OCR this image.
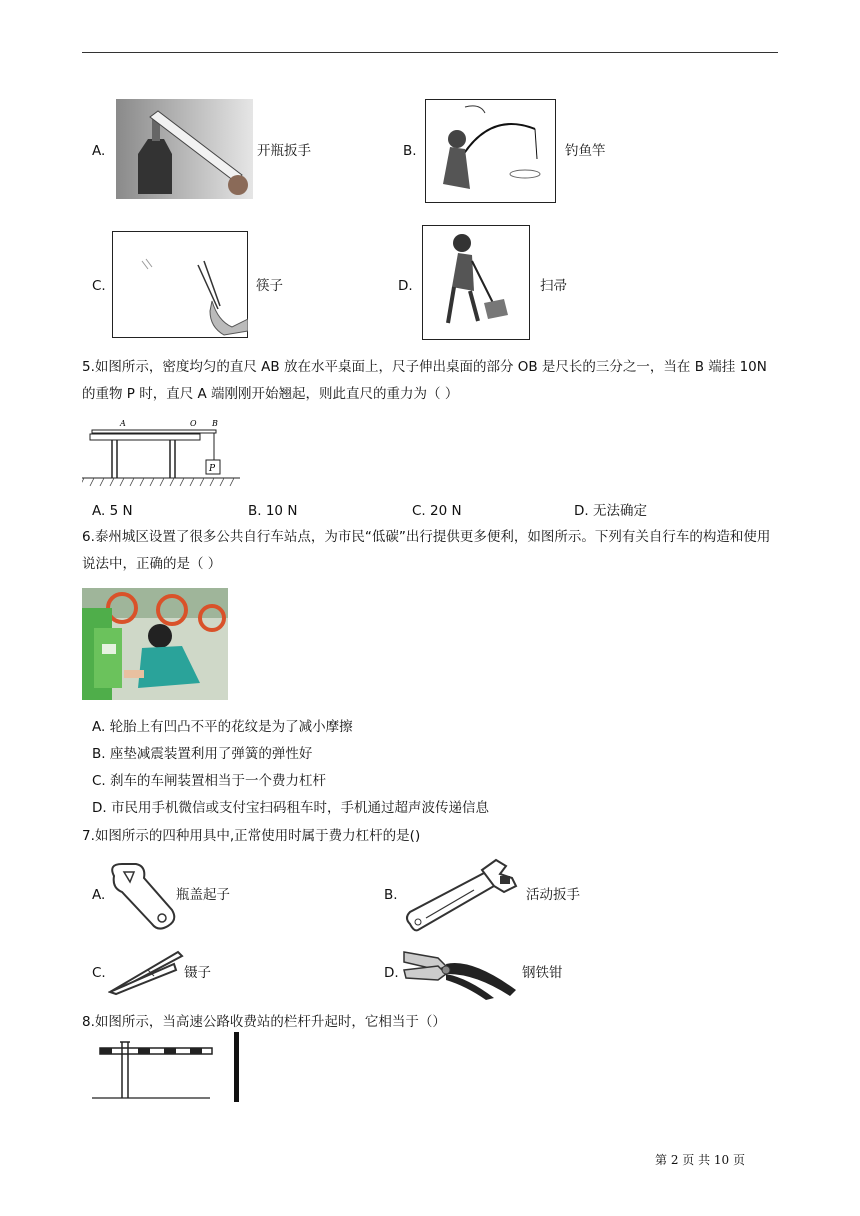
A.	开瓶扳手	B.	钓鱼竿
C.	筷子	D.	扫帚
5.如图所示，密度均匀的直尺 AB 放在水平桌面上，尺子伸出桌面的部分 OB 是尺长的三分之一，当在 B 端挂 10N 的重物 P 时，直尺 A 端刚刚开始翘起，则此直尺的重力为（ ）
A	O B
P
A. 5 N	B. 10 N	C. 20 N	D. 无法确定
6.泰州城区设置了很多公共自行车站点，为市民“低碳”出行提供更多便利，如图所示。下列有关自行车的构造和使用说法中，正确的是（ ）
A. 轮胎上有凹凸不平的花纹是为了减小摩擦
B. 座垫减震装置利用了弹簧的弹性好
C. 刹车的车闸装置相当于一个费力杠杆
D. 市民用手机微信或支付宝扫码租车时，手机通过超声波传递信息
7.如图所示的四种用具中,正常使用时属于费力杠杆的是()
A.	瓶盖起子	B.	活动扳手
C.	镊子	D.	钢铁钳
8.如图所示，当高速公路收费站的栏杆升起时，它相当于（）
第 2 页 共 10 页
